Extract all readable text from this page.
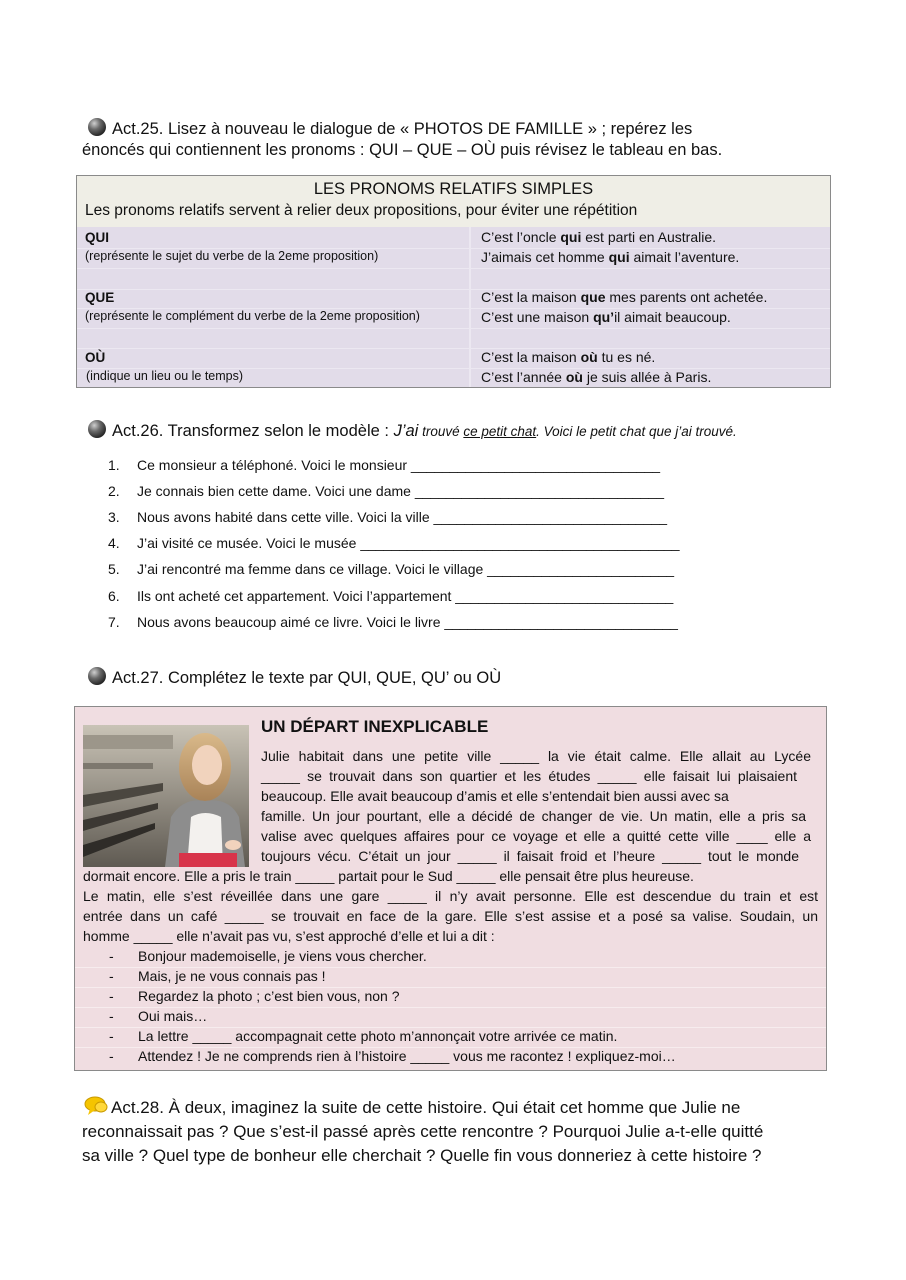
Act.25. Lisez à nouveau le dialogue de « PHOTOS DE FAMILLE » ; repérez les
énoncés qui contiennent les pronoms : QUI – QUE – OÙ puis révisez le tableau en bas.
LES PRONOMS RELATIFS SIMPLES
Les pronoms relatifs servent à relier deux propositions, pour éviter une répétition
QUI
(représente le sujet du verbe de la 2eme proposition)
C’est l’oncle qui est parti en Australie.
J’aimais cet homme qui aimait l’aventure.
QUE
(représente le complément du verbe de la 2eme proposition)
C’est la maison que mes parents ont achetée.
C’est une maison qu’il aimait beaucoup.
OÙ
(indique un lieu ou le temps)
C’est la maison où tu es né.
C’est l’année où je suis allée à Paris.
Act.26. Transformez selon le modèle : J’ai trouvé ce petit chat. Voici le petit chat que j’ai trouvé.
1. Ce monsieur a téléphoné. Voici le monsieur ________________________________
2. Je connais bien cette dame. Voici une dame ________________________________
3. Nous avons habité dans cette ville. Voici la ville ______________________________
4. J’ai visité ce musée. Voici le musée _________________________________________
5. J’ai rencontré ma femme dans ce village. Voici le village ________________________
6. Ils ont acheté cet appartement. Voici l’appartement ____________________________
7. Nous avons beaucoup aimé ce livre. Voici le livre ______________________________
Act.27. Complétez le texte par QUI, QUE, QU’ ou OÙ
UN DÉPART INEXPLICABLE
Julie habitait dans une petite ville _____ la vie était calme. Elle allait au Lycée
_____ se trouvait dans son quartier et les études _____ elle faisait lui plaisaient
beaucoup. Elle avait beaucoup d’amis et elle s’entendait bien aussi avec sa
famille. Un jour pourtant, elle a décidé de changer de vie. Un matin, elle a pris sa
valise avec quelques affaires pour ce voyage et elle a quitté cette ville ____ elle a
toujours vécu. C’était un jour _____ il faisait froid et l’heure _____ tout le monde
dormait encore. Elle a pris le train _____ partait pour le Sud _____ elle pensait être plus heureuse.
Le matin, elle s’est réveillée dans une gare _____ il n’y avait personne. Elle est descendue du train et est
entrée dans un café _____ se trouvait en face de la gare. Elle s’est assise et a posé sa valise. Soudain, un
homme _____ elle n’avait pas vu, s’est approché d’elle et lui a dit :
- Bonjour mademoiselle, je viens vous chercher.
- Mais, je ne vous connais pas !
- Regardez la photo ; c’est bien vous, non ?
- Oui mais…
- La lettre _____ accompagnait cette photo m’annonçait votre arrivée ce matin.
- Attendez ! Je ne comprends rien à l’histoire _____ vous me racontez ! expliquez-moi…
Act.28. À deux, imaginez la suite de cette histoire. Qui était cet homme que Julie ne
reconnaissait pas ? Que s’est-il passé après cette rencontre ? Pourquoi Julie a-t-elle quitté
sa ville ? Quel type de bonheur elle cherchait ? Quelle fin vous donneriez à cette histoire ?
